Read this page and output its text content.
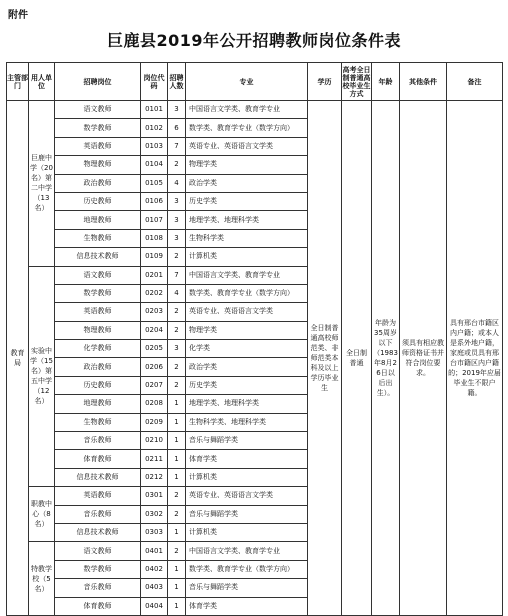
附件
巨鹿县2019年公开招聘教师岗位条件表
主管部门	用人单位	招聘岗位	岗位代码	招聘人数	专业	学历	高考全日制普通高校毕业生方式	年龄	其他条件	备注
教育局	巨鹿中学（20名）第二中学（13名）	语文教师	0101	3	中国语言文学类、教育学专业	全日制普通高校师范类、非师范类本科及以上学历毕业生	全日制普通	年龄为35周岁以下（1983年8月26日以后出生）。	须具有相应教师资格证书并符合岗位要求。	具有邢台市籍区内户籍；或本人是系外地户籍，家庭或员具有邢台市籍区内户籍的；2019年应届毕业生不限户籍。
		数学教师	0102	6	数学类、教育学专业（数学方向）					
		英语教师	0103	7	英语专业、英语语言文学类					
		物理教师	0104	2	物理学类					
		政治教师	0105	4	政治学类					
		历史教师	0106	3	历史学类					
		地理教师	0107	3	地理学类、地理科学类					
		生物教师	0108	3	生物科学类					
		信息技术教师	0109	2	计算机类					
	实验中学（15名）第五中学（12名）	语文教师	0201	7	中国语言文学类、教育学专业					
		数学教师	0202	4	数学类、教育学专业（数学方向）					
		英语教师	0203	2	英语专业、英语语言文学类					
		物理教师	0204	2	物理学类					
		化学教师	0205	3	化学类					
		政治教师	0206	2	政治学类					
		历史教师	0207	2	历史学类					
		地理教师	0208	1	地理学类、地理科学类					
		生物教师	0209	1	生物科学类、地理科学类					
		音乐教师	0210	1	音乐与舞蹈学类					
		体育教师	0211	1	体育学类					
		信息技术教师	0212	1	计算机类					
	职教中心（8名）	英语教师	0301	2	英语专业、英语语言文学类					
		音乐教师	0302	2	音乐与舞蹈学类					
		信息技术教师	0303	1	计算机类					
	特教学校（5名）	语文教师	0401	2	中国语言文学类、教育学专业					
		数学教师	0402	1	数学类、教育学专业（数学方向）					
		音乐教师	0403	1	音乐与舞蹈学类					
		体育教师	0404	1	体育学类					
